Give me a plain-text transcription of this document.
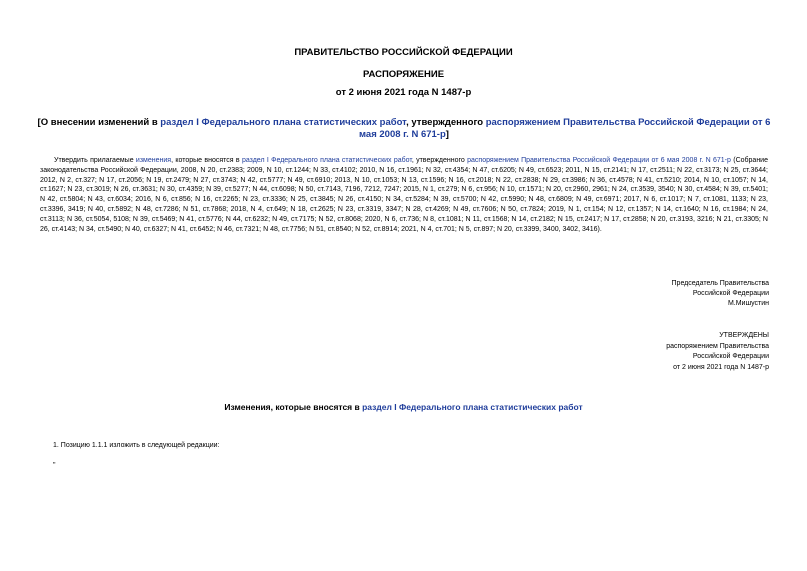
ПРАВИТЕЛЬСТВО РОССИЙСКОЙ ФЕДЕРАЦИИ
РАСПОРЯЖЕНИЕ
от 2 июня 2021 года N 1487-р
[О внесении изменений в раздел I Федерального плана статистических работ, утвержденного распоряжением Правительства Российской Федерации от 6 мая 2008 г. N 671-р]
Утвердить прилагаемые изменения, которые вносятся в раздел I Федерального плана статистических работ, утвержденного распоряжением Правительства Российской Федерации от 6 мая 2008 г. N 671-р (Собрание законодательства Российской Федерации, 2008, N 20, ст.2383; 2009, N 10, ст.1244; N 33, ст.4102; 2010, N 16, ст.1961; N 32, ст.4354; N 47, ст.6205; N 49, ст.6523; 2011, N 15, ст.2141; N 17, ст.2511; N 22, ст.3173; N 25, ст.3644; 2012, N 2, ст.327; N 17, ст.2056; N 19, ст.2479; N 27, ст.3743; N 42, ст.5777; N 49, ст.6910; 2013, N 10, ст.1053; N 13, ст.1596; N 16, ст.2018; N 22, ст.2838; N 29, ст.3986; N 36, ст.4578; N 41, ст.5210; 2014, N 10, ст.1057; N 14, ст.1627; N 23, ст.3019; N 26, ст.3631; N 30, ст.4359; N 39, ст.5277; N 44, ст.6098; N 50, ст.7143, 7196, 7212, 7247; 2015, N 1, ст.279; N 6, ст.956; N 10, ст.1571; N 20, ст.2960, 2961; N 24, ст.3539, 3540; N 30, ст.4584; N 39, ст.5401; N 42, ст.5804; N 43, ст.6034; 2016, N 6, ст.856; N 16, ст.2265; N 23, ст.3336; N 25, ст.3845; N 26, ст.4150; N 34, ст.5284; N 39, ст.5700; N 42, ст.5990; N 48, ст.6809; N 49, ст.6971; 2017, N 6, ст.1017; N 7, ст.1081, 1133; N 23, ст.3396, 3419; N 40, ст.5892; N 48, ст.7286; N 51, ст.7868; 2018, N 4, ст.649; N 18, ст.2625; N 23, ст.3319, 3347; N 28, ст.4269; N 49, ст.7606; N 50, ст.7824; 2019, N 1, ст.154; N 12, ст.1357; N 14, ст.1640; N 16, ст.1984; N 24, ст.3113; N 36, ст.5054, 5108; N 39, ст.5469; N 41, ст.5776; N 44, ст.6232; N 49, ст.7175; N 52, ст.8068; 2020, N 6, ст.736; N 8, ст.1081; N 11, ст.1568; N 14, ст.2182; N 15, ст.2417; N 17, ст.2858; N 20, ст.3193, 3216; N 21, ст.3305; N 26, ст.4143; N 34, ст.5490; N 40, ст.6327; N 41, ст.6452; N 46, ст.7321; N 48, ст.7756; N 51, ст.8540; N 52, ст.8914; 2021, N 4, ст.701; N 5, ст.897; N 20, ст.3399, 3400, 3402, 3416).
Председатель Правительства
Российской Федерации
М.Мишустин
УТВЕРЖДЕНЫ
распоряжением Правительства
Российской Федерации
от 2 июня 2021 года N 1487-р
Изменения, которые вносятся в раздел I Федерального плана статистических работ
1. Позицию 1.1.1 изложить в следующей редакции:
"
